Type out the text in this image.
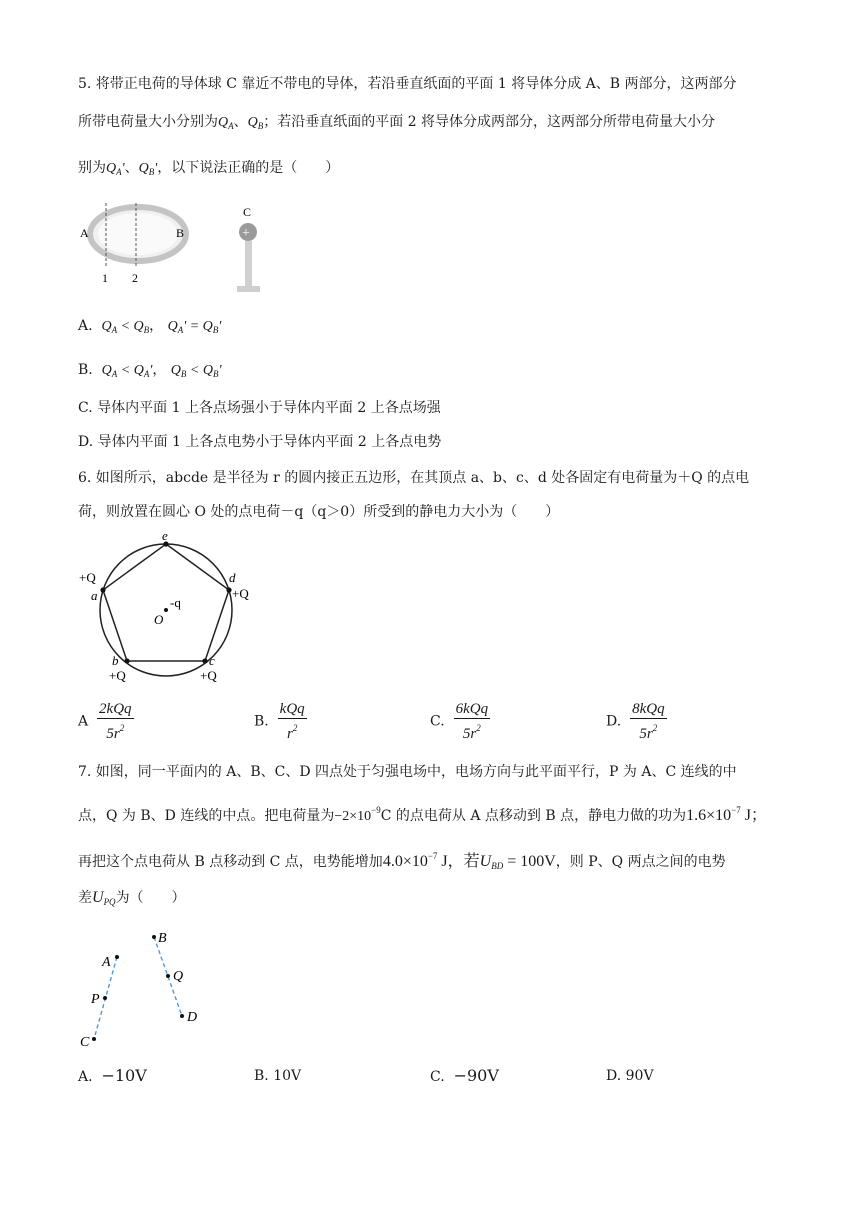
5. 将带正电荷的导体球 C 靠近不带电的导体，若沿垂直纸面的平面 1 将导体分成 A、B 两部分，这两部分
所带电荷量大小分别为$Q_A$、$Q_B$；若沿垂直纸面的平面 2 将导体分成两部分，这两部分所带电荷量大小分
别为$Q_A'$、$Q_B'$，以下说法正确的是（　　）
A	B
1 2
C
+
A. $Q_A < Q_B$， $Q_A' = Q_B'$
B. $Q_A < Q_A'$， $Q_B < Q_B'$
C. 导体内平面 1 上各点场强小于导体内平面 2 上各点场强
D. 导体内平面 1 上各点电势小于导体内平面 2 上各点电势
6. 如图所示，abcde 是半径为 r 的圆内接正五边形，在其顶点 a、b、c、d 处各固定有电荷量为＋Q 的点电
荷，则放置在圆心 O 处的点电荷－q（q＞0）所受到的静电力大小为（　　）
e
+Q
a
d
+Q
-q
O
b
+Q
c
+Q
A $\frac{\text{2kQq}}{5r^2}$	B. $\frac{\text{kQq}}{r^2}$	C. $\frac{\text{6kQq}}{5r^2}$	D. $\frac{\text{8kQq}}{5r^2}$
7. 如图，同一平面内的 A、B、C、D 四点处于匀强电场中，电场方向与此平面平行，P 为 A、C 连线的中
点，Q 为 B、D 连线的中点。把电荷量为$-2\times 10^{-9}C$ 的点电荷从 A 点移动到 B 点，静电力做的功为$1.6\times 10^{-7}$ J；
再把这个点电荷从 B 点移动到 C 点，电势能增加$4.0\times 10^{-7}$ J，若$U_{BD} = 100V$，则 P、Q 两点之间的电势
差$U_{PQ}$为（　　）
A
P
C
B
Q
D
A. −10V	B. 10V	C. −90V	D. 90V
